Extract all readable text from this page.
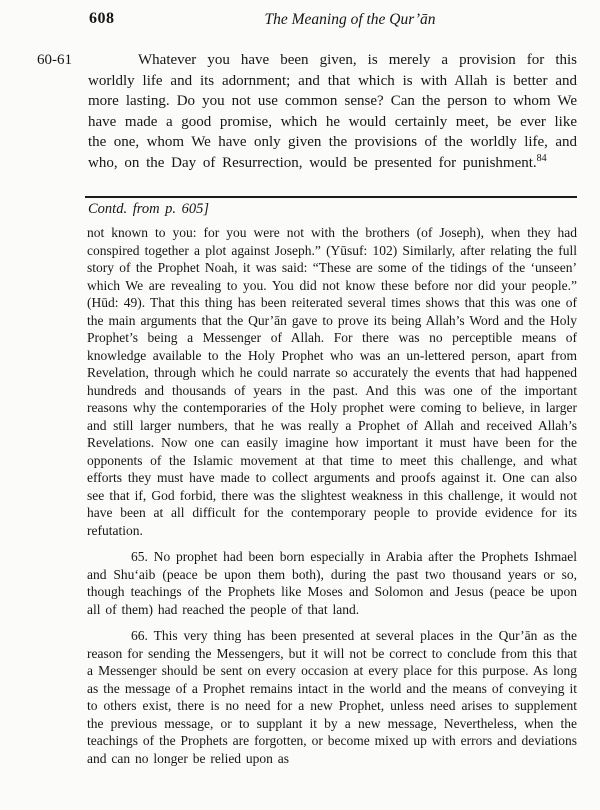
608	The Meaning of the Qur’ān
60-61	Whatever you have been given, is merely a provision for this worldly life and its adornment; and that which is with Allah is better and more lasting. Do you not use common sense? Can the person to whom We have made a good promise, which he would certainly meet, be ever like the one, whom We have only given the provisions of the worldly life, and who, on the Day of Resurrection, would be presented for punishment.$^{84}$
Contd. from p. 605]

not known to you: for you were not with the brothers (of Joseph), when they had conspired together a plot against Joseph.” (Yūsuf: 102) Similarly, after relating the full story of the Prophet Noah, it was said: “These are some of the tidings of the ‘unseen’ which We are revealing to you. You did not know these before nor did your people.” (Hūd: 49). That this thing has been reiterated several times shows that this was one of the main arguments that the Qur’ān gave to prove its being Allah’s Word and the Holy Prophet’s being a Messenger of Allah. For there was no perceptible means of knowledge available to the Holy Prophet who was an un-lettered person, apart from Revelation, through which he could narrate so accurately the events that had happened hundreds and thousands of years in the past. And this was one of the important reasons why the contemporaries of the Holy prophet were coming to believe, in larger and still larger numbers, that he was really a Prophet of Allah and received Allah’s Revelations. Now one can easily imagine how important it must have been for the opponents of the Islamic movement at that time to meet this challenge, and what efforts they must have made to collect arguments and proofs against it. One can also see that if, God forbid, there was the slightest weakness in this challenge, it would not have been at all difficult for the contemporary people to provide evidence for its refutation.

65. No prophet had been born especially in Arabia after the Prophets Ishmael and Shu‘aib (peace be upon them both), during the past two thousand years or so, though teachings of the Prophets like Moses and Solomon and Jesus (peace be upon all of them) had reached the people of that land.

66. This very thing has been presented at several places in the Qur’ān as the reason for sending the Messengers, but it will not be correct to conclude from this that a Messenger should be sent on every occasion at every place for this purpose. As long as the message of a Prophet remains intact in the world and the means of conveying it to others exist, there is no need for a new Prophet, unless need arises to supplement the previous message, or to supplant it by a new message, Nevertheless, when the teachings of the Prophets are forgotten, or become mixed up with errors and deviations and can no longer be relied upon as
